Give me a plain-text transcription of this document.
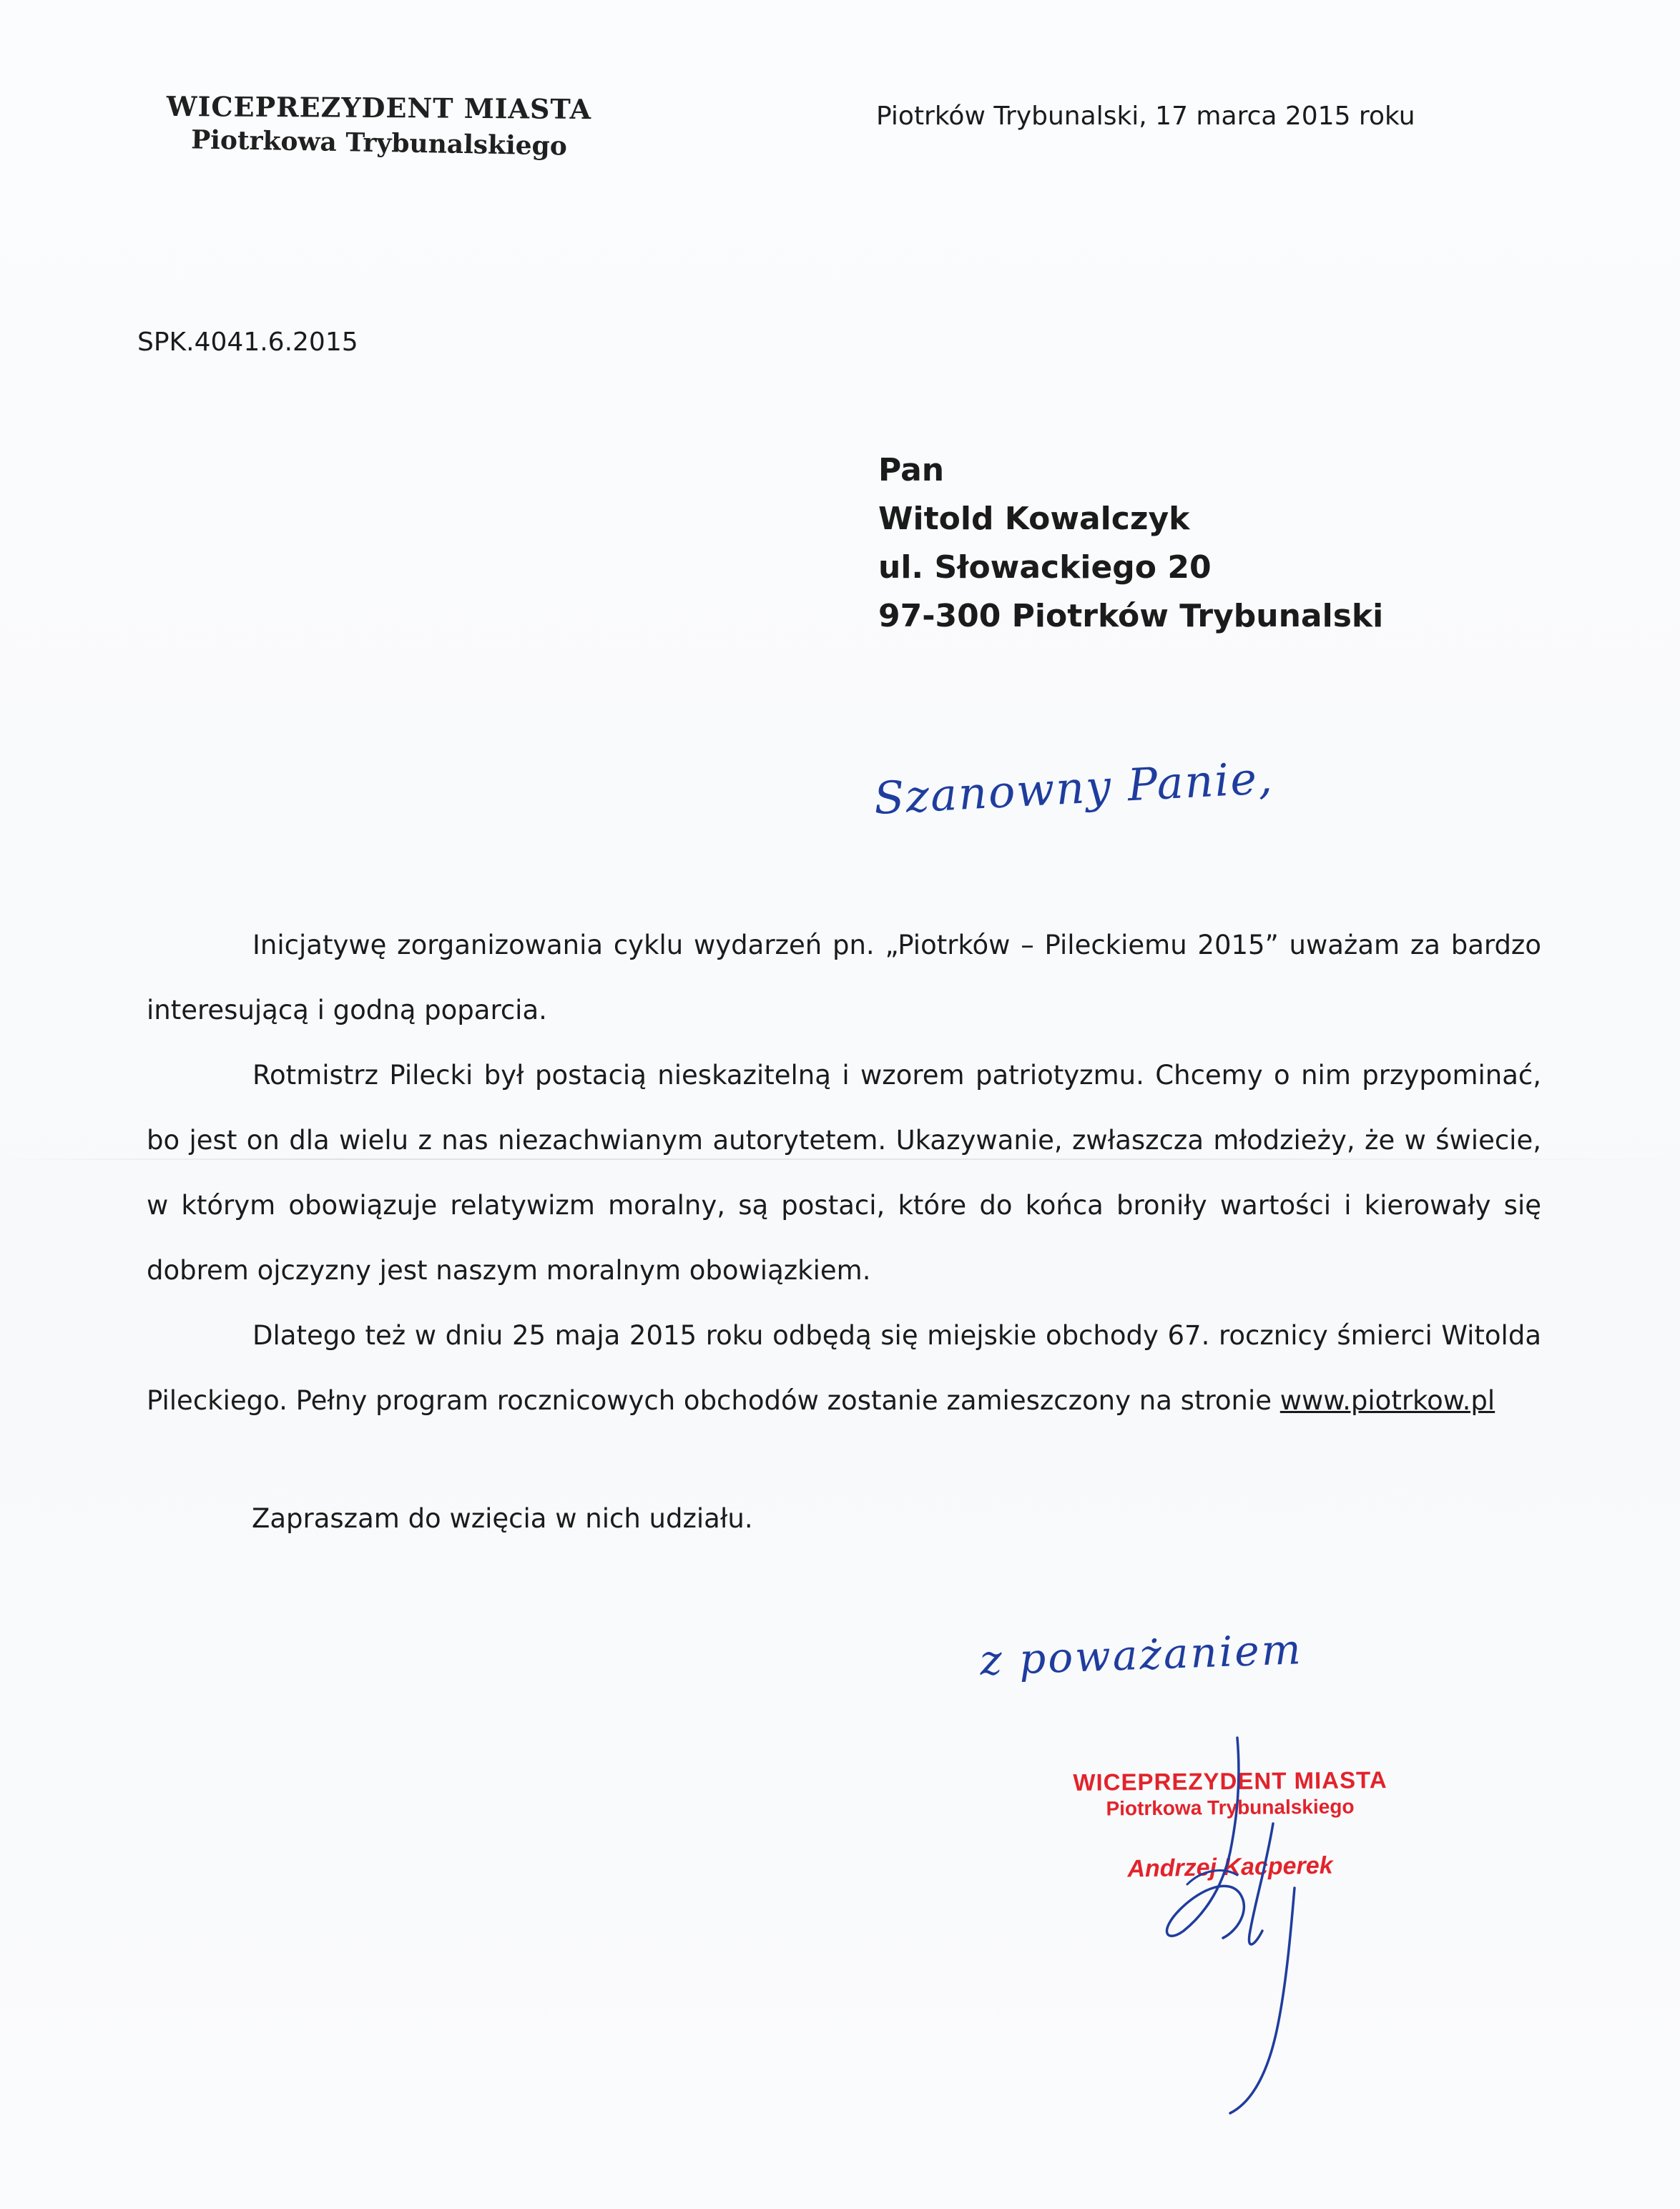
WICEPREZYDENT MIASTA
Piotrkowa Trybunalskiego
Piotrków Trybunalski, 17 marca 2015 roku
SPK.4041.6.2015
Pan
Witold Kowalczyk
ul. Słowackiego 20
97-300 Piotrków Trybunalski
Szanowny Panie,

Inicjatywę zorganizowania cyklu wydarzeń pn. „Piotrków – Pileckiemu 2015” uważam za bardzo interesującą i godną poparcia.

Rotmistrz Pilecki był postacią nieskazitelną i wzorem patriotyzmu. Chcemy o nim przypominać, bo jest on dla wielu z nas niezachwianym autorytetem. Ukazywanie, zwłaszcza młodzieży, że w świecie, w którym obowiązuje relatywizm moralny, są postaci, które do końca broniły wartości i kierowały się dobrem ojczyzny jest naszym moralnym obowiązkiem.

Dlatego też w dniu 25 maja 2015 roku odbędą się miejskie obchody 67. rocznicy śmierci Witolda Pileckiego. Pełny program rocznicowych obchodów zostanie zamieszczony na stronie www.piotrkow.pl

Zapraszam do wzięcia w nich udziału.
z poważaniem
WICEPREZYDENT MIASTA
Piotrkowa Trybunalskiego
Andrzej Kacperek
